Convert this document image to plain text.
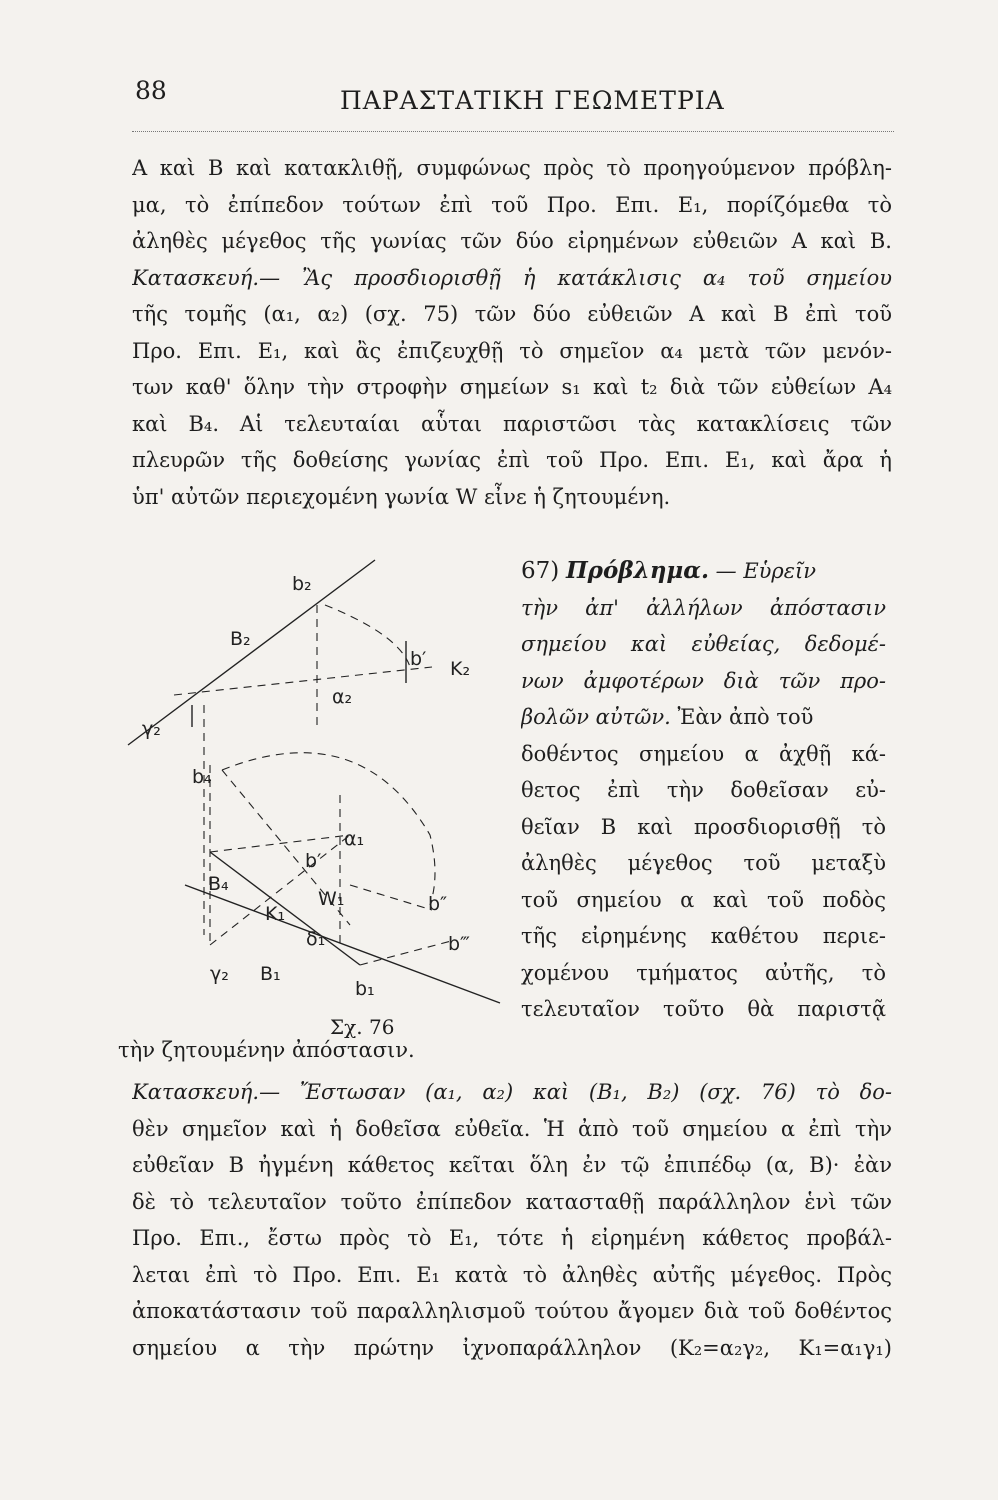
88	ΠΑΡΑΣΤΑΤΙΚΗ ΓΕΩΜΕΤΡΙΑ
Α καὶ Β καὶ κατακλιθῇ, συμφώνως πρὸς τὸ προηγούμενον πρόβλη-
μα, τὸ ἐπίπεδον τούτων ἐπὶ τοῦ Προ. Επι. Ε₁, πορίζόμεθα τὸ
ἀληθὲς μέγεθος τῆς γωνίας τῶν δύο εἰρημένων εὐθειῶν Α καὶ Β.
Κατασκευή.— Ἂς προσδιορισθῇ ἡ κατάκλισις α₄ τοῦ σημείου
τῆς τομῆς (α₁, α₂) (σχ. 75) τῶν δύο εὐθειῶν Α καὶ Β ἐπὶ τοῦ
Προ. Επι. Ε₁, καὶ ἂς ἐπιζευχθῇ τὸ σημεῖον α₄ μετὰ τῶν μενόν-
των καθ' ὅλην τὴν στροφὴν σημείων s₁ καὶ t₂ διὰ τῶν εὐθείων Α₄
καὶ Β₄. Αἱ τελευταίαι αὗται παριστῶσι τὰς κατακλίσεις τῶν
πλευρῶν τῆς δοθείσης γωνίας ἐπὶ τοῦ Προ. Επι. Ε₁, καὶ ἄρα ἡ
ὑπ' αὐτῶν περιεχομένη γωνία W εἶνε ἡ ζητουμένη.
67) Πρόβλημα. — Εὑρεῖν
τὴν ἀπ' ἀλλήλων ἀπόστασιν
σημείου καὶ εὐθείας, δεδομέ-
νων ἀμφοτέρων διὰ τῶν προ-
βολῶν αὐτῶν. Ἐὰν ἀπὸ τοῦ
δοθέντος σημείου α ἀχθῇ κά-
θετος ἐπὶ τὴν δοθεῖσαν εὐ-
θεῖαν Β καὶ προσδιορισθῇ τὸ
ἀληθὲς μέγεθος τοῦ μεταξὺ
τοῦ σημείου α καὶ τοῦ ποδὸς
τῆς εἰρημένης καθέτου περιε-
χομένου τμήματος αὐτῆς, τὸ
τελευταῖον τοῦτο θὰ παριστᾷ
b₂
B₂
b′ K₂
α₂
γ₂
b₄
α₁
b′
B₄
K₁
W₁	b″
δ₁	b‴
γ₂ B₁
b₁
Σχ. 76
τὴν ζητουμένην ἀπόστασιν.
Κατασκευή.— Ἔστωσαν (α₁, α₂) καὶ (Β₁, Β₂) (σχ. 76) τὸ δο-
θὲν σημεῖον καὶ ἡ δοθεῖσα εὐθεῖα. Ἡ ἀπὸ τοῦ σημείου α ἐπὶ τὴν
εὐθεῖαν Β ἠγμένη κάθετος κεῖται ὅλη ἐν τῷ ἐπιπέδῳ (α, Β)· ἐὰν
δὲ τὸ τελευταῖον τοῦτο ἐπίπεδον κατασταθῇ παράλληλον ἑνὶ τῶν
Προ. Επι., ἔστω πρὸς τὸ Ε₁, τότε ἡ εἰρημένη κάθετος προβάλ-
λεται ἐπὶ τὸ Προ. Επι. Ε₁ κατὰ τὸ ἀληθὲς αὐτῆς μέγεθος. Πρὸς
ἀποκατάστασιν τοῦ παραλληλισμοῦ τούτου ἄγομεν διὰ τοῦ δοθέντος
σημείου α τὴν πρώτην ἰχνοπαράλληλον (Κ₂=α₂γ₂, Κ₁=α₁γ₁)
